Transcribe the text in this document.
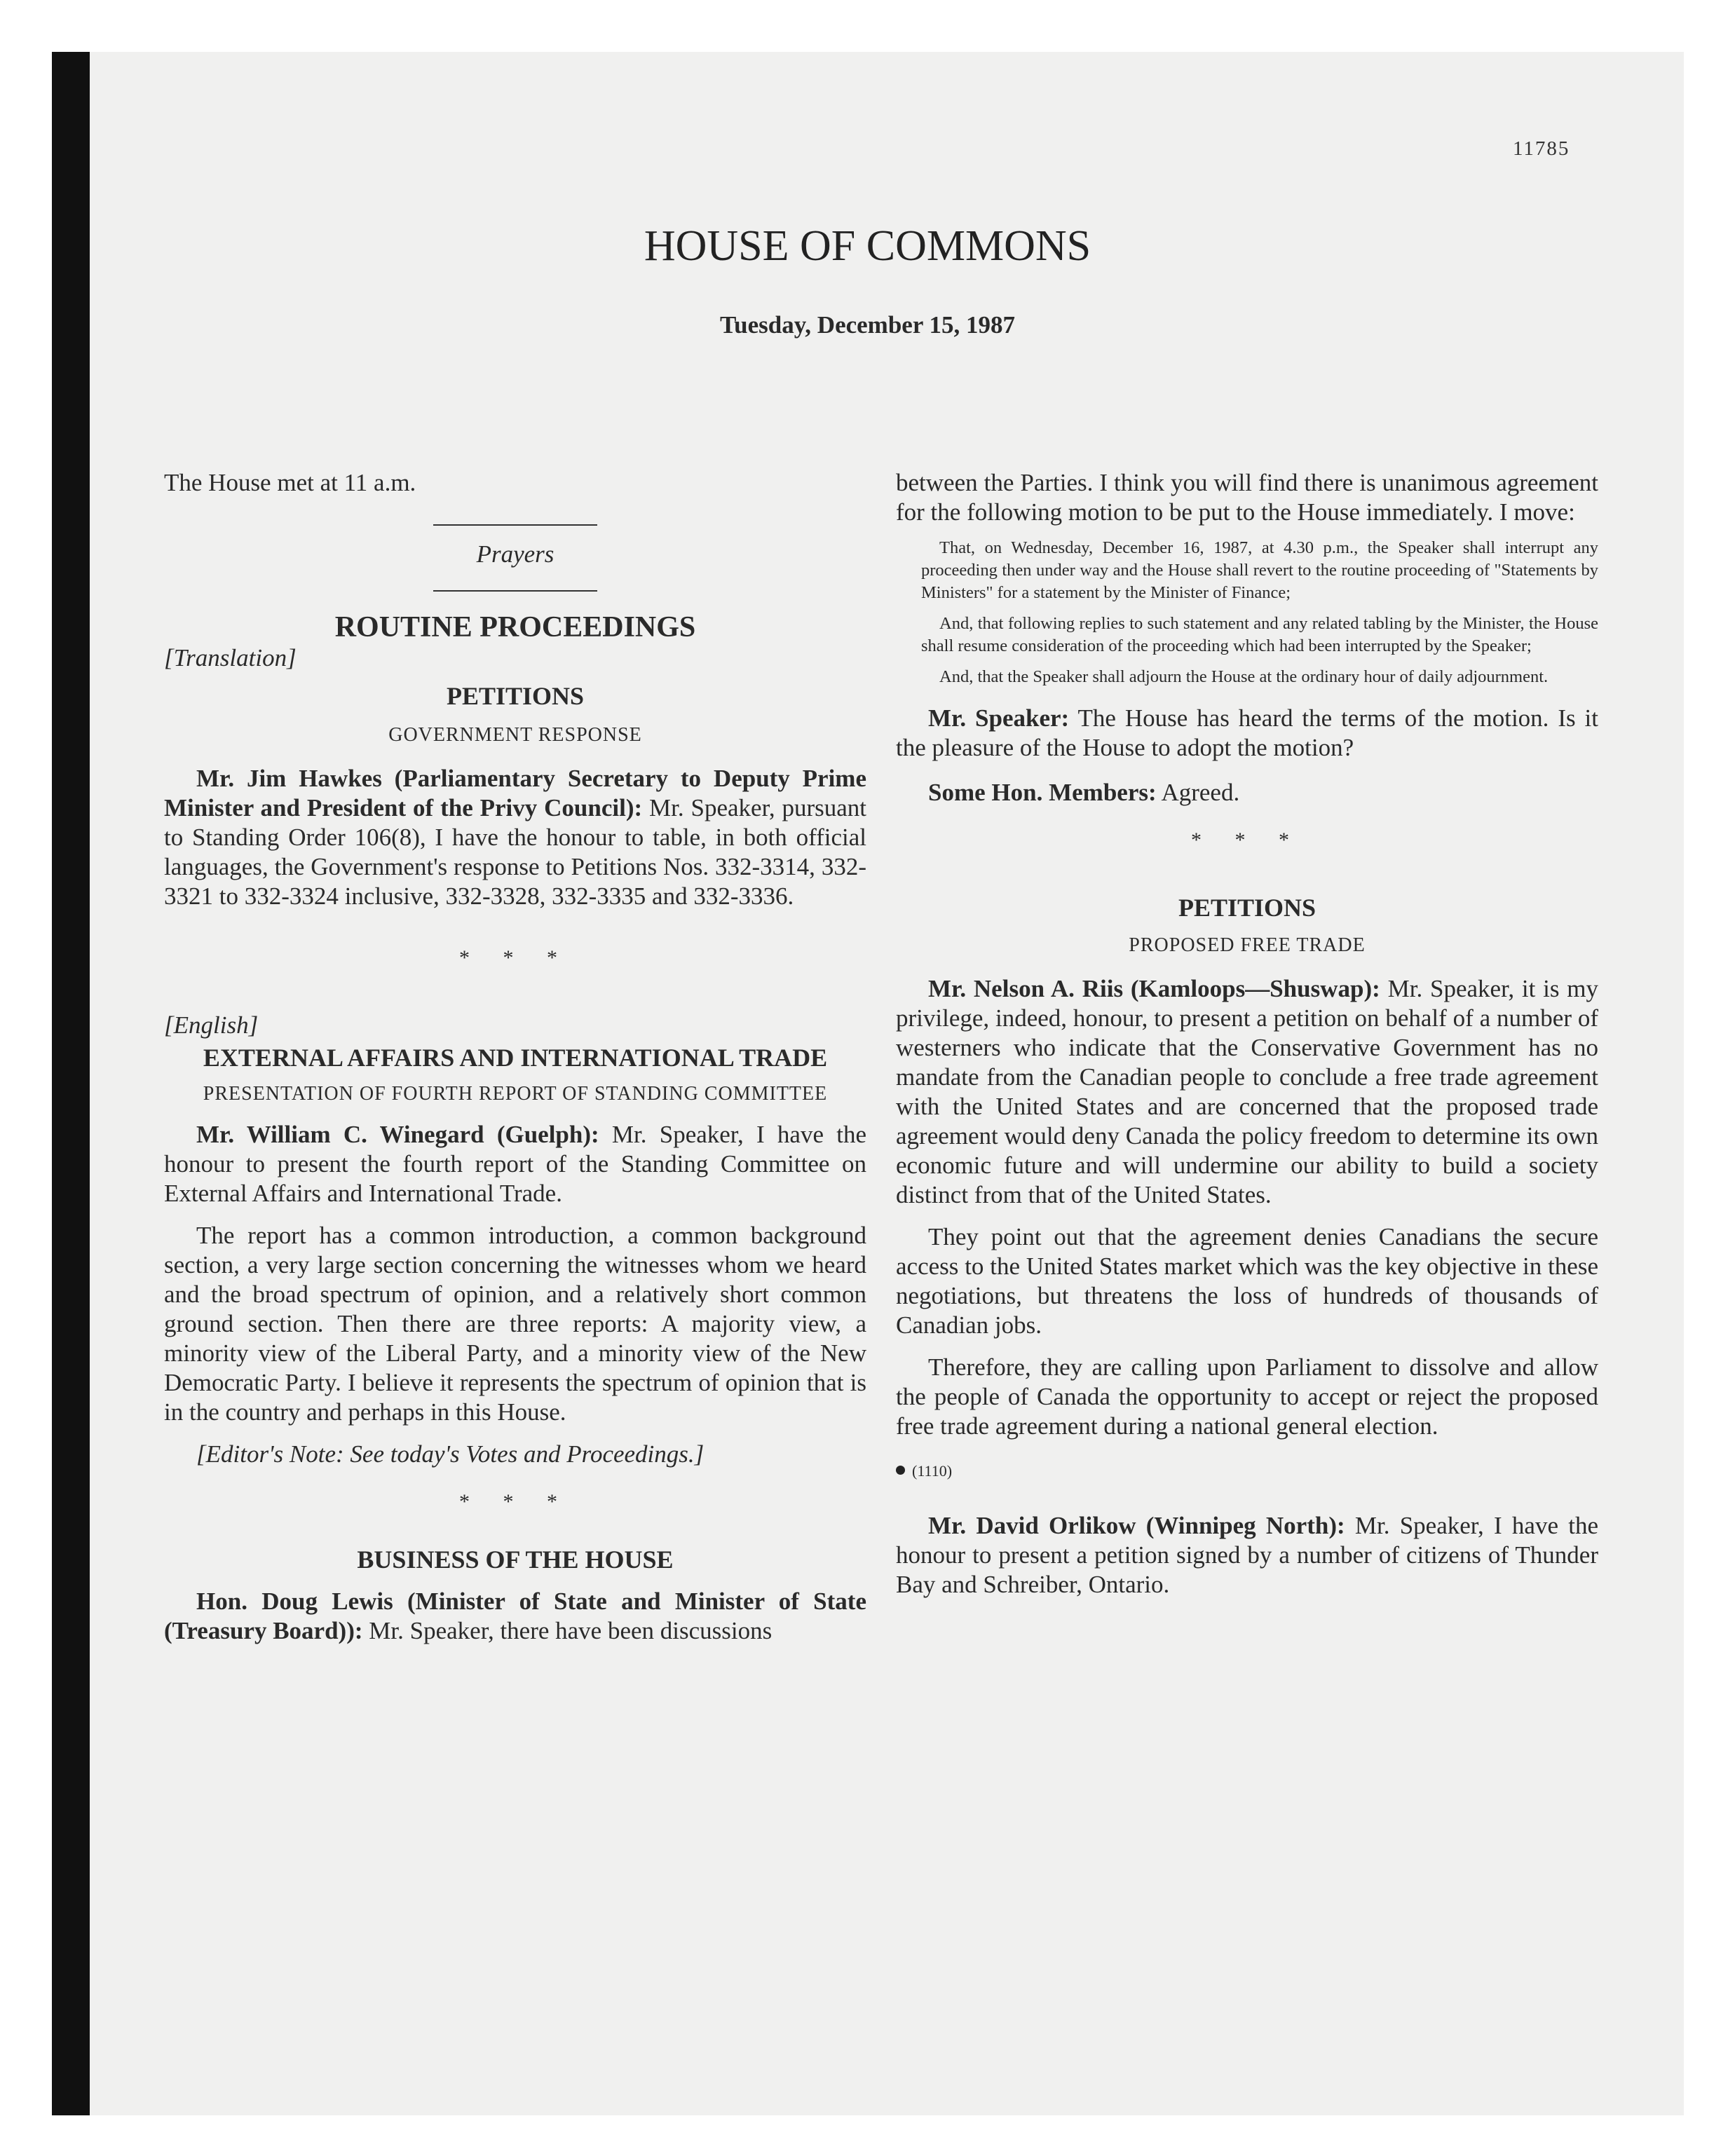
11785
HOUSE OF COMMONS
Tuesday, December 15, 1987

The House met at 11 a.m.

Prayers

ROUTINE PROCEEDINGS

[Translation]

PETITIONS

GOVERNMENT RESPONSE

Mr. Jim Hawkes (Parliamentary Secretary to Deputy Prime Minister and President of the Privy Council): Mr. Speaker, pursuant to Standing Order 106(8), I have the honour to table, in both official languages, the Government's response to Petitions Nos. 332-3314, 332-3321 to 332-3324 inclusive, 332-3328, 332-3335 and 332-3336.

* * *

[English]

EXTERNAL AFFAIRS AND INTERNATIONAL TRADE

PRESENTATION OF FOURTH REPORT OF STANDING COMMITTEE

Mr. William C. Winegard (Guelph): Mr. Speaker, I have the honour to present the fourth report of the Standing Committee on External Affairs and International Trade.

The report has a common introduction, a common background section, a very large section concerning the witnesses whom we heard and the broad spectrum of opinion, and a relatively short common ground section. Then there are three reports: A majority view, a minority view of the Liberal Party, and a minority view of the New Democratic Party. I believe it represents the spectrum of opinion that is in the country and perhaps in this House.

[Editor's Note: See today's Votes and Proceedings.]

* * *

BUSINESS OF THE HOUSE

Hon. Doug Lewis (Minister of State and Minister of State (Treasury Board)): Mr. Speaker, there have been discussions

between the Parties. I think you will find there is unanimous agreement for the following motion to be put to the House immediately. I move:

That, on Wednesday, December 16, 1987, at 4.30 p.m., the Speaker shall interrupt any proceeding then under way and the House shall revert to the routine proceeding of "Statements by Ministers" for a statement by the Minister of Finance;

And, that following replies to such statement and any related tabling by the Minister, the House shall resume consideration of the proceeding which had been interrupted by the Speaker;

And, that the Speaker shall adjourn the House at the ordinary hour of daily adjournment.

Mr. Speaker: The House has heard the terms of the motion. Is it the pleasure of the House to adopt the motion?

Some Hon. Members: Agreed.

* * *

PETITIONS

PROPOSED FREE TRADE

Mr. Nelson A. Riis (Kamloops—Shuswap): Mr. Speaker, it is my privilege, indeed, honour, to present a petition on behalf of a number of westerners who indicate that the Conservative Government has no mandate from the Canadian people to conclude a free trade agreement with the United States and are concerned that the proposed trade agreement would deny Canada the policy freedom to determine its own economic future and will undermine our ability to build a society distinct from that of the United States.

They point out that the agreement denies Canadians the secure access to the United States market which was the key objective in these negotiations, but threatens the loss of hundreds of thousands of Canadian jobs.

Therefore, they are calling upon Parliament to dissolve and allow the people of Canada the opportunity to accept or reject the proposed free trade agreement during a national general election.

(1110)

Mr. David Orlikow (Winnipeg North): Mr. Speaker, I have the honour to present a petition signed by a number of citizens of Thunder Bay and Schreiber, Ontario.
